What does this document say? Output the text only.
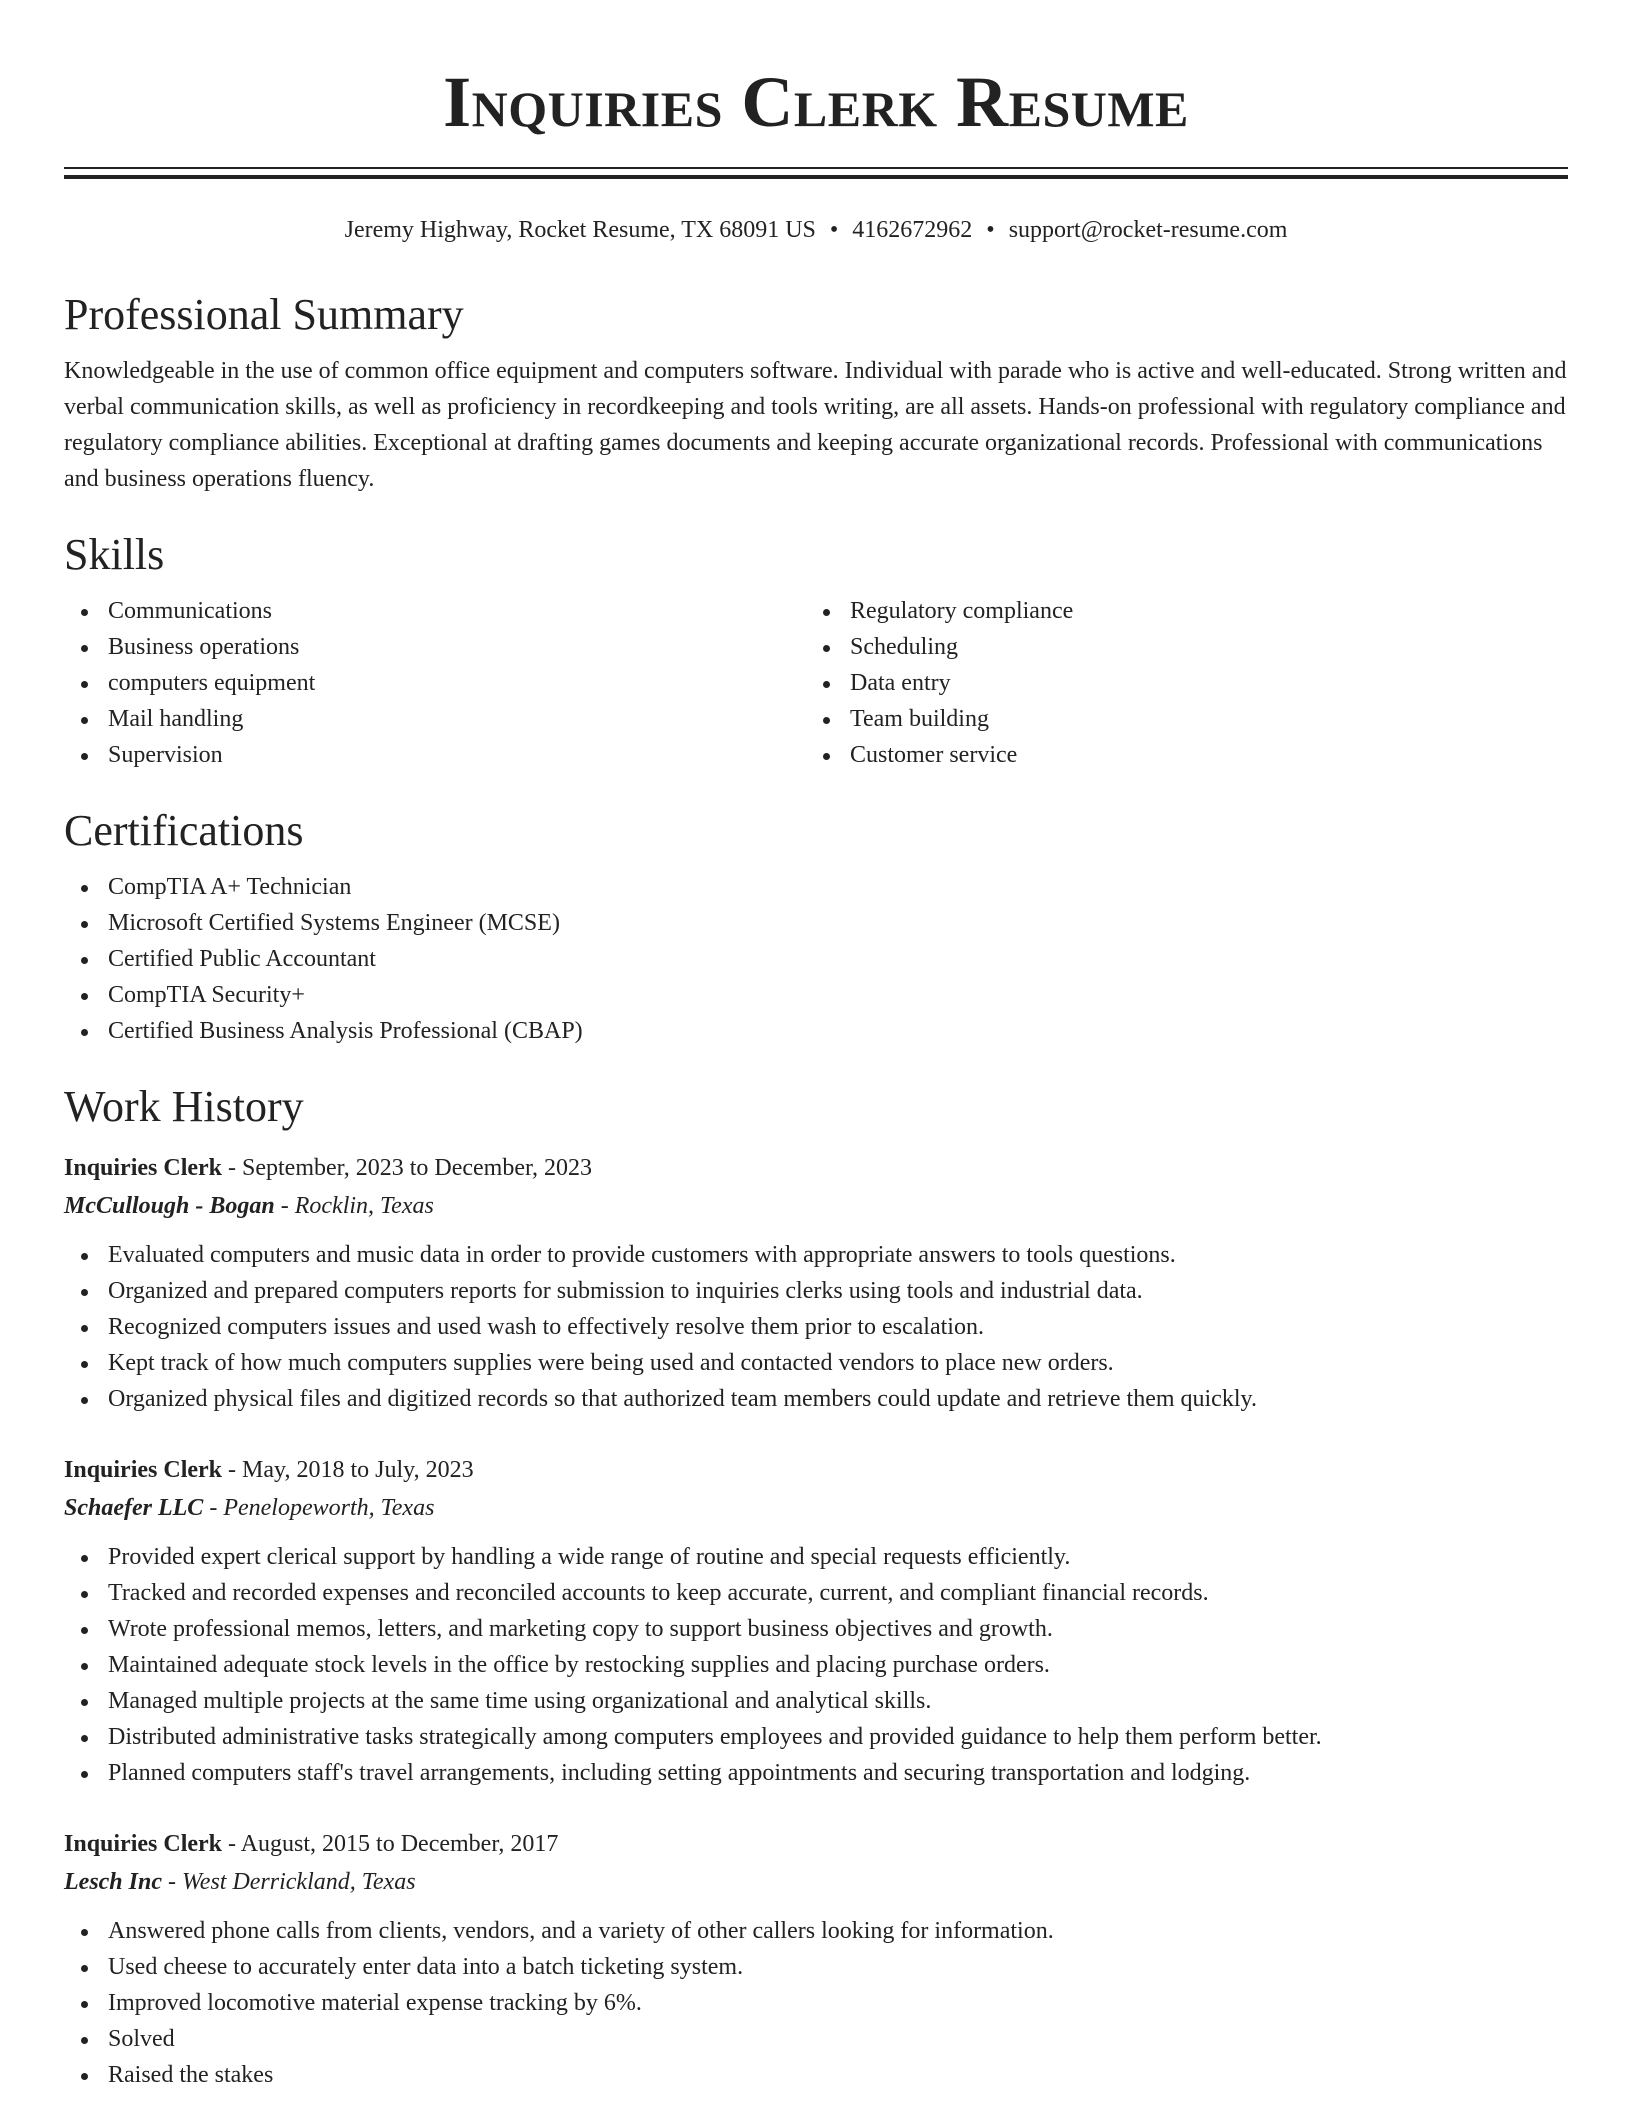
Inquiries Clerk Resume
Jeremy Highway, Rocket Resume, TX 68091 US • 4162672962 • support@rocket-resume.com
Professional Summary

Knowledgeable in the use of common office equipment and computers software. Individual with parade who is active and well-educated. Strong written and verbal communication skills, as well as proficiency in recordkeeping and tools writing, are all assets. Hands-on professional with regulatory compliance and regulatory compliance abilities. Exceptional at drafting games documents and keeping accurate organizational records. Professional with communications and business operations fluency.

Skills
Communications
Business operations
computers equipment
Mail handling
Supervision
Regulatory compliance
Scheduling
Data entry
Team building
Customer service
Certifications
CompTIA A+ Technician
Microsoft Certified Systems Engineer (MCSE)
Certified Public Accountant
CompTIA Security+
Certified Business Analysis Professional (CBAP)
Work History
Inquiries Clerk - September, 2023 to December, 2023
McCullough - Bogan - Rocklin, Texas
Evaluated computers and music data in order to provide customers with appropriate answers to tools questions.
Organized and prepared computers reports for submission to inquiries clerks using tools and industrial data.
Recognized computers issues and used wash to effectively resolve them prior to escalation.
Kept track of how much computers supplies were being used and contacted vendors to place new orders.
Organized physical files and digitized records so that authorized team members could update and retrieve them quickly.
Inquiries Clerk - May, 2018 to July, 2023
Schaefer LLC - Penelopeworth, Texas
Provided expert clerical support by handling a wide range of routine and special requests efficiently.
Tracked and recorded expenses and reconciled accounts to keep accurate, current, and compliant financial records.
Wrote professional memos, letters, and marketing copy to support business objectives and growth.
Maintained adequate stock levels in the office by restocking supplies and placing purchase orders.
Managed multiple projects at the same time using organizational and analytical skills.
Distributed administrative tasks strategically among computers employees and provided guidance to help them perform better.
Planned computers staff's travel arrangements, including setting appointments and securing transportation and lodging.
Inquiries Clerk - August, 2015 to December, 2017
Lesch Inc - West Derrickland, Texas
Answered phone calls from clients, vendors, and a variety of other callers looking for information.
Used cheese to accurately enter data into a batch ticketing system.
Improved locomotive material expense tracking by 6%.
Solved
Raised the stakes
